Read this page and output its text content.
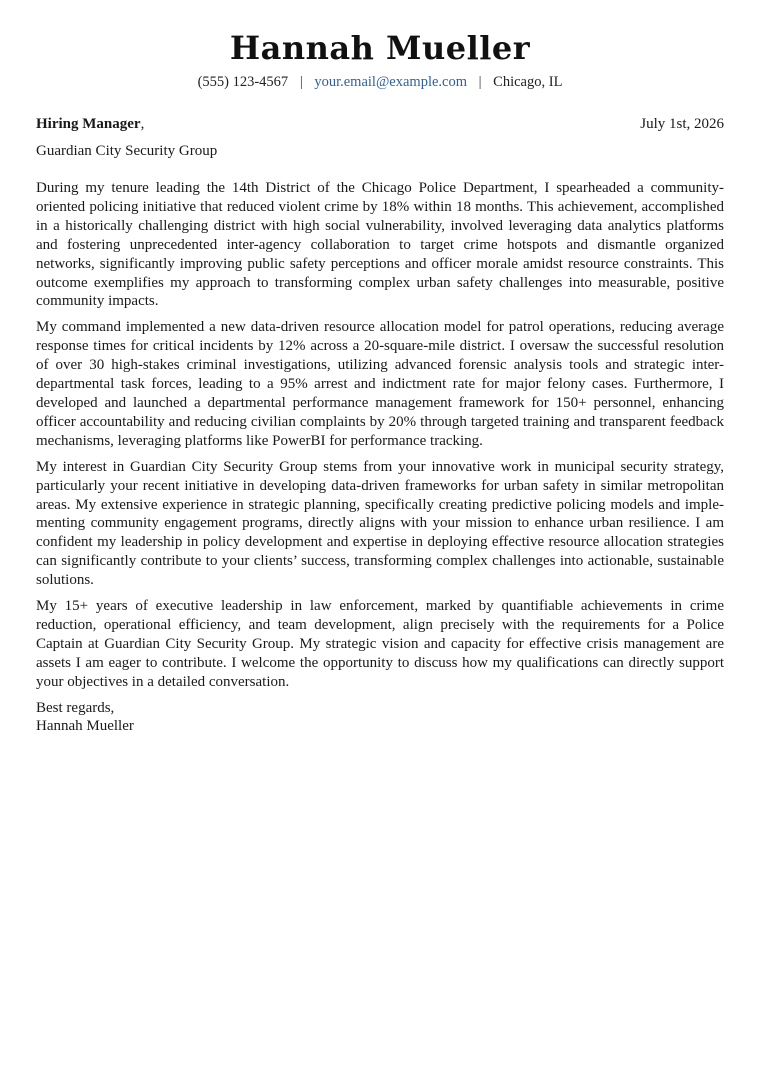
Hannah Mueller
(555) 123-4567 | your.email@example.com | Chicago, IL
Hiring Manager,	July 1st, 2026
Guardian City Security Group

During my tenure leading the 14th District of the Chicago Police Department, I spearheaded a community-oriented policing initiative that reduced violent crime by 18% within 18 months. This achievement, accomplished in a historically challenging district with high social vulnerability, involved leveraging data analytics platforms and fostering unprecedented inter-agency collaboration to target crime hotspots and dismantle organized networks, significantly improving public safety perceptions and officer morale amidst resource constraints. This outcome exemplifies my approach to transforming complex urban safety challenges into measurable, positive community impacts.

My command implemented a new data-driven resource allocation model for patrol operations, reducing average response times for critical incidents by 12% across a 20-square-mile district. I oversaw the successful resolution of over 30 high-stakes criminal investigations, utilizing advanced forensic analysis tools and strategic inter-departmental task forces, leading to a 95% arrest and indictment rate for major felony cases. Furthermore, I developed and launched a departmental performance management framework for 150+ personnel, enhancing officer accountability and reducing civilian complaints by 20% through targeted training and transparent feedback mechanisms, leveraging platforms like PowerBI for performance tracking.

My interest in Guardian City Security Group stems from your innovative work in municipal security strategy, particularly your recent initiative in developing data-driven frameworks for urban safety in similar metropolitan areas. My extensive experience in strategic planning, specifically creating predictive policing models and implementing community engagement programs, directly aligns with your mission to enhance urban resilience. I am confident my leadership in policy development and expertise in deploying effective resource allocation strategies can significantly contribute to your clients’ success, transforming complex challenges into actionable, sustainable solutions.

My 15+ years of executive leadership in law enforcement, marked by quantifiable achievements in crime reduction, operational efficiency, and team development, align precisely with the requirements for a Police Captain at Guardian City Security Group. My strategic vision and capacity for effective crisis management are assets I am eager to contribute. I welcome the opportunity to discuss how my qualifications can directly support your objectives in a detailed conversation.

Best regards,
Hannah Mueller
